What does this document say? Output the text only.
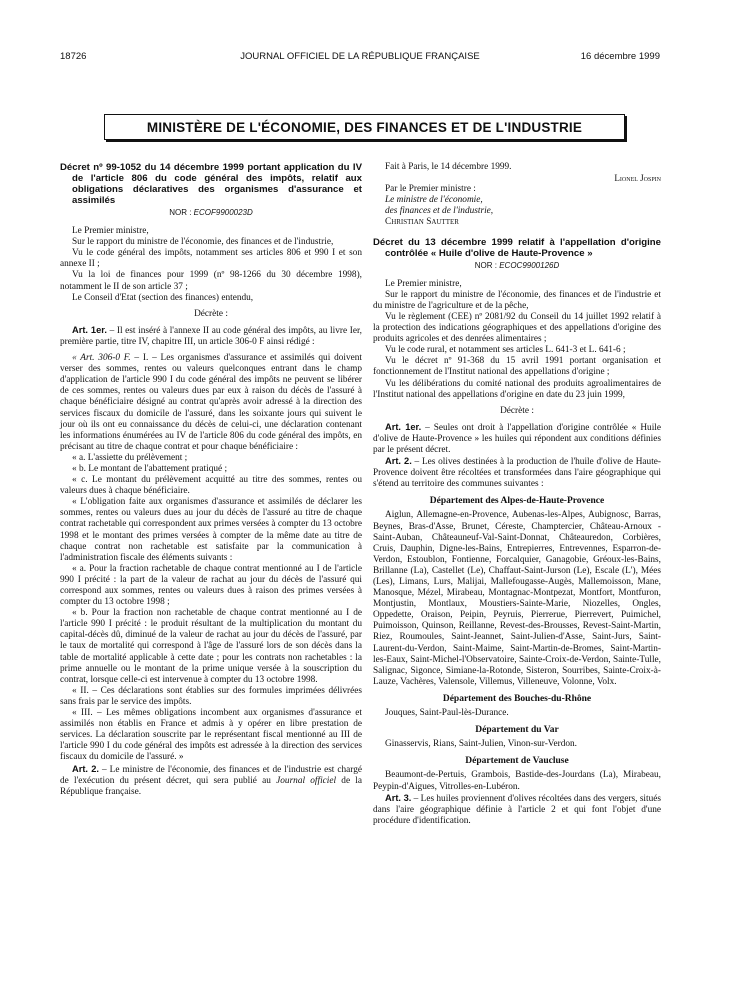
18726	JOURNAL OFFICIEL DE LA RÉPUBLIQUE FRANÇAISE	16 décembre 1999
MINISTÈRE DE L'ÉCONOMIE, DES FINANCES ET DE L'INDUSTRIE

Décret nº 99-1052 du 14 décembre 1999 portant application du IV de l'article 806 du code général des impôts, relatif aux obligations déclaratives des organismes d'assurance et assimilés

NOR : ECOF9900023D

Le Premier ministre,

Sur le rapport du ministre de l'économie, des finances et de l'industrie,

Vu le code général des impôts, notamment ses articles 806 et 990 I et son annexe II ;

Vu la loi de finances pour 1999 (nº 98-1266 du 30 décembre 1998), notamment le II de son article 37 ;

Le Conseil d'Etat (section des finances) entendu,

Décrète :

Art. 1er. – Il est inséré à l'annexe II au code général des impôts, au livre Ier, première partie, titre IV, chapitre III, un article 306-0 F ainsi rédigé :

« Art. 306-0 F. – I. – Les organismes d'assurance et assimilés qui doivent verser des sommes, rentes ou valeurs quelconques entrant dans le champ d'application de l'article 990 I du code général des impôts ne peuvent se libérer de ces sommes, rentes ou valeurs dues par eux à raison du décès de l'assuré à chaque bénéficiaire désigné au contrat qu'après avoir adressé à la direction des services fiscaux du domicile de l'assuré, dans les soixante jours qui suivent le jour où ils ont eu connaissance du décès de celui-ci, une déclaration contenant les informations énumérées au IV de l'article 806 du code général des impôts, en précisant au titre de chaque contrat et pour chaque bénéficiaire :

« a. L'assiette du prélèvement ;

« b. Le montant de l'abattement pratiqué ;

« c. Le montant du prélèvement acquitté au titre des sommes, rentes ou valeurs dues à chaque bénéficiaire.

« L'obligation faite aux organismes d'assurance et assimilés de déclarer les sommes, rentes ou valeurs dues au jour du décès de l'assuré au titre de chaque contrat rachetable qui correspondent aux primes versées à compter du 13 octobre 1998 et le montant des primes versées à compter de la même date au titre de chaque contrat non rachetable est satisfaite par la communication à l'administration fiscale des éléments suivants :

« a. Pour la fraction rachetable de chaque contrat mentionné au I de l'article 990 I précité : la part de la valeur de rachat au jour du décès de l'assuré qui correspond aux sommes, rentes ou valeurs dues à raison des primes versées à compter du 13 octobre 1998 ;

« b. Pour la fraction non rachetable de chaque contrat mentionné au I de l'article 990 I précité : le produit résultant de la multiplication du montant du capital-décès dû, diminué de la valeur de rachat au jour du décès de l'assuré, par le taux de mortalité qui correspond à l'âge de l'assuré lors de son décès dans la table de mortalité applicable à cette date ; pour les contrats non rachetables : la prime annuelle ou le montant de la prime unique versée à la souscription du contrat, lorsque celle-ci est intervenue à compter du 13 octobre 1998.

« II. – Ces déclarations sont établies sur des formules imprimées délivrées sans frais par le service des impôts.

« III. – Les mêmes obligations incombent aux organismes d'assurance et assimilés non établis en France et admis à y opérer en libre prestation de services. La déclaration souscrite par le représentant fiscal mentionné au III de l'article 990 I du code général des impôts est adressée à la direction des services fiscaux du domicile de l'assuré. »

Art. 2. – Le ministre de l'économie, des finances et de l'industrie est chargé de l'exécution du présent décret, qui sera publié au Journal officiel de la République française.

Fait à Paris, le 14 décembre 1999.

Lionel Jospin

Par le Premier ministre :

Le ministre de l'économie,

des finances et de l'industrie,

Christian Sautter

Décret du 13 décembre 1999 relatif à l'appellation d'origine contrôlée « Huile d'olive de Haute-Provence »

NOR : ECOC9900126D

Le Premier ministre,

Sur le rapport du ministre de l'économie, des finances et de l'industrie et du ministre de l'agriculture et de la pêche,

Vu le règlement (CEE) nº 2081/92 du Conseil du 14 juillet 1992 relatif à la protection des indications géographiques et des appellations d'origine des produits agricoles et des denrées alimentaires ;

Vu le code rural, et notamment ses articles L. 641-3 et L. 641-6 ;

Vu le décret nº 91-368 du 15 avril 1991 portant organisation et fonctionnement de l'Institut national des appellations d'origine ;

Vu les délibérations du comité national des produits agroalimentaires de l'Institut national des appellations d'origine en date du 23 juin 1999,

Décrète :

Art. 1er. – Seules ont droit à l'appellation d'origine contrôlée « Huile d'olive de Haute-Provence » les huiles qui répondent aux conditions définies par le présent décret.

Art. 2. – Les olives destinées à la production de l'huile d'olive de Haute-Provence doivent être récoltées et transformées dans l'aire géographique qui s'étend au territoire des communes suivantes :

Département des Alpes-de-Haute-Provence

Aiglun, Allemagne-en-Provence, Aubenas-les-Alpes, Aubignosc, Barras, Beynes, Bras-d'Asse, Brunet, Céreste, Champtercier, Château-Arnoux - Saint-Auban, Châteauneuf-Val-Saint-Donnat, Châteauredon, Corbières, Cruis, Dauphin, Digne-les-Bains, Entrepierres, Entrevennes, Esparron-de-Verdon, Estoublon, Fontienne, Forcalquier, Ganagobie, Gréoux-les-Bains, Brillanne (La), Castellet (Le), Chaffaut-Saint-Jurson (Le), Escale (L'), Mées (Les), Limans, Lurs, Malijai, Mallefougasse-Augès, Mallemoisson, Mane, Manosque, Mézel, Mirabeau, Montagnac-Montpezat, Montfort, Montfuron, Montjustin, Montlaux, Moustiers-Sainte-Marie, Niozelles, Ongles, Oppedette, Oraison, Peipin, Peyruis, Pierrerue, Pierrevert, Puimichel, Puimoisson, Quinson, Reillanne, Revest-des-Brousses, Revest-Saint-Martin, Riez, Roumoules, Saint-Jeannet, Saint-Julien-d'Asse, Saint-Jurs, Saint-Laurent-du-Verdon, Saint-Maime, Saint-Martin-de-Bromes, Saint-Martin-les-Eaux, Saint-Michel-l'Observatoire, Sainte-Croix-de-Verdon, Sainte-Tulle, Salignac, Sigonce, Simiane-la-Rotonde, Sisteron, Sourribes, Sainte-Croix-à-Lauze, Vachères, Valensole, Villemus, Villeneuve, Volonne, Volx.

Département des Bouches-du-Rhône

Jouques, Saint-Paul-lès-Durance.

Département du Var

Ginasservis, Rians, Saint-Julien, Vinon-sur-Verdon.

Département de Vaucluse

Beaumont-de-Pertuis, Grambois, Bastide-des-Jourdans (La), Mirabeau, Peypin-d'Aigues, Vitrolles-en-Lubéron.

Art. 3. – Les huiles proviennent d'olives récoltées dans des vergers, situés dans l'aire géographique définie à l'article 2 et qui font l'objet d'une procédure d'identification.
